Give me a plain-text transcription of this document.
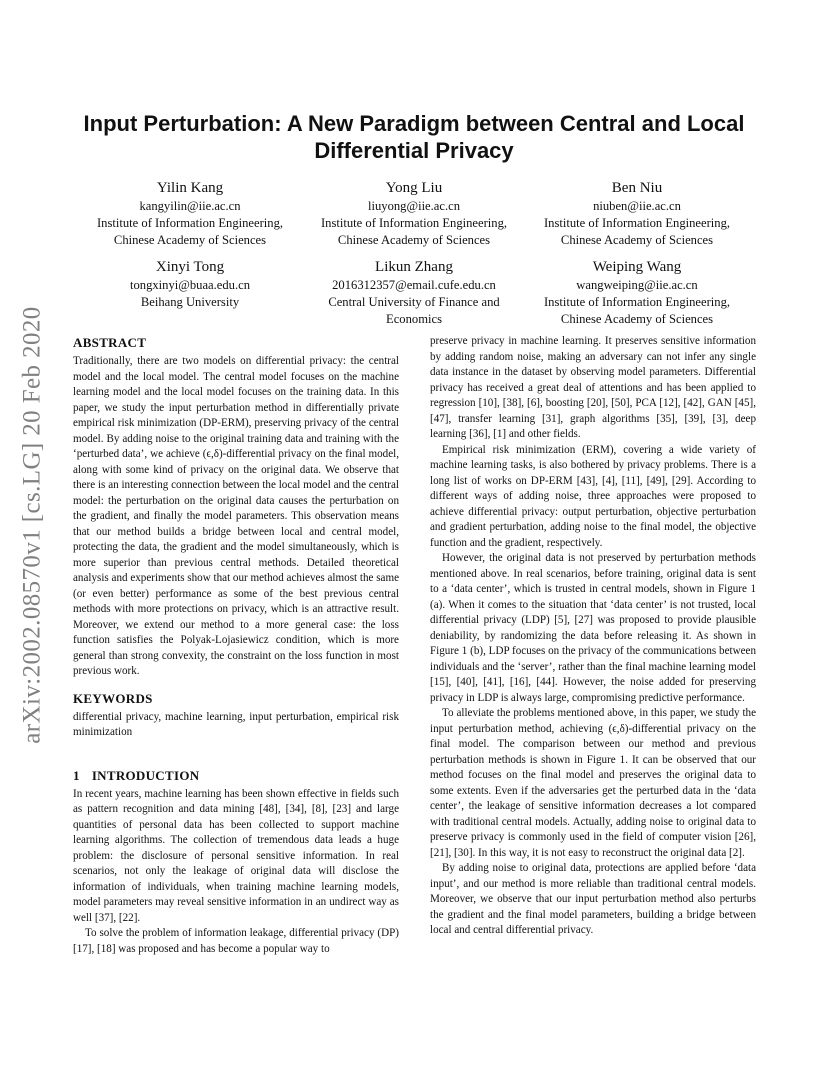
arXiv:2002.08570v1 [cs.LG] 20 Feb 2020
Input Perturbation: A New Paradigm between Central and Local Differential Privacy
Yilin Kang
kangyilin@iie.ac.cn
Institute of Information Engineering, Chinese Academy of Sciences
Yong Liu
liuyong@iie.ac.cn
Institute of Information Engineering, Chinese Academy of Sciences
Ben Niu
niuben@iie.ac.cn
Institute of Information Engineering, Chinese Academy of Sciences
Xinyi Tong
tongxinyi@buaa.edu.cn
Beihang University
Likun Zhang
2016312357@email.cufe.edu.cn
Central University of Finance and Economics
Weiping Wang
wangweiping@iie.ac.cn
Institute of Information Engineering, Chinese Academy of Sciences
ABSTRACT

Traditionally, there are two models on differential privacy: the central model and the local model. The central model focuses on the machine learning model and the local model focuses on the training data. In this paper, we study the input perturbation method in differentially private empirical risk minimization (DP-ERM), preserving privacy of the central model. By adding noise to the original training data and training with the ‘perturbed data’, we achieve (ϵ,δ)-differential privacy on the final model, along with some kind of privacy on the original data. We observe that there is an interesting connection between the local model and the central model: the perturbation on the original data causes the perturbation on the gradient, and finally the model parameters. This observation means that our method builds a bridge between local and central model, protecting the data, the gradient and the model simultaneously, which is more superior than previous central methods. Detailed theoretical analysis and experiments show that our method achieves almost the same (or even better) performance as some of the best previous central methods with more protections on privacy, which is an attractive result. Moreover, we extend our method to a more general case: the loss function satisfies the Polyak-Lojasiewicz condition, which is more general than strong convexity, the constraint on the loss function in most previous work.

KEYWORDS

differential privacy, machine learning, input perturbation, empirical risk minimization

1 INTRODUCTION

In recent years, machine learning has been shown effective in fields such as pattern recognition and data mining [48], [34], [8], [23] and large quantities of personal data has been collected to support machine learning algorithms. The collection of tremendous data leads a huge problem: the disclosure of personal sensitive information. In real scenarios, not only the leakage of original data will disclose the information of individuals, when training machine learning models, model parameters may reveal sensitive information in an undirect way as well [37], [22].

To solve the problem of information leakage, differential privacy (DP) [17], [18] was proposed and has become a popular way to

preserve privacy in machine learning. It preserves sensitive information by adding random noise, making an adversary can not infer any single data instance in the dataset by observing model parameters. Differential privacy has received a great deal of attentions and has been applied to regression [10], [38], [6], boosting [20], [50], PCA [12], [42], GAN [45], [47], transfer learning [31], graph algorithms [35], [39], [3], deep learning [36], [1] and other fields.

Empirical risk minimization (ERM), covering a wide variety of machine learning tasks, is also bothered by privacy problems. There is a long list of works on DP-ERM [43], [4], [11], [49], [29]. According to different ways of adding noise, three approaches were proposed to achieve differential privacy: output perturbation, objective perturbation and gradient perturbation, adding noise to the final model, the objective function and the gradient, respectively.

However, the original data is not preserved by perturbation methods mentioned above. In real scenarios, before training, original data is sent to a ‘data center’, which is trusted in central models, shown in Figure 1 (a). When it comes to the situation that ‘data center’ is not trusted, local differential privacy (LDP) [5], [27] was proposed to provide plausible deniability, by randomizing the data before releasing it. As shown in Figure 1 (b), LDP focuses on the privacy of the communications between individuals and the ‘server’, rather than the final machine learning model [15], [40], [41], [16], [44]. However, the noise added for preserving privacy in LDP is always large, compromising predictive performance.

To alleviate the problems mentioned above, in this paper, we study the input perturbation method, achieving (ϵ,δ)-differential privacy on the final model. The comparison between our method and previous perturbation methods is shown in Figure 1. It can be observed that our method focuses on the final model and preserves the original data to some extents. Even if the adversaries get the perturbed data in the ‘data center’, the leakage of sensitive information decreases a lot compared with traditional central models. Actually, adding noise to original data to preserve privacy is commonly used in the field of computer vision [26], [21], [30]. In this way, it is not easy to reconstruct the original data [2].

By adding noise to original data, protections are applied before ‘data input’, and our method is more reliable than traditional central models. Moreover, we observe that our input perturbation method also perturbs the gradient and the final model parameters, building a bridge between local and central differential privacy.
